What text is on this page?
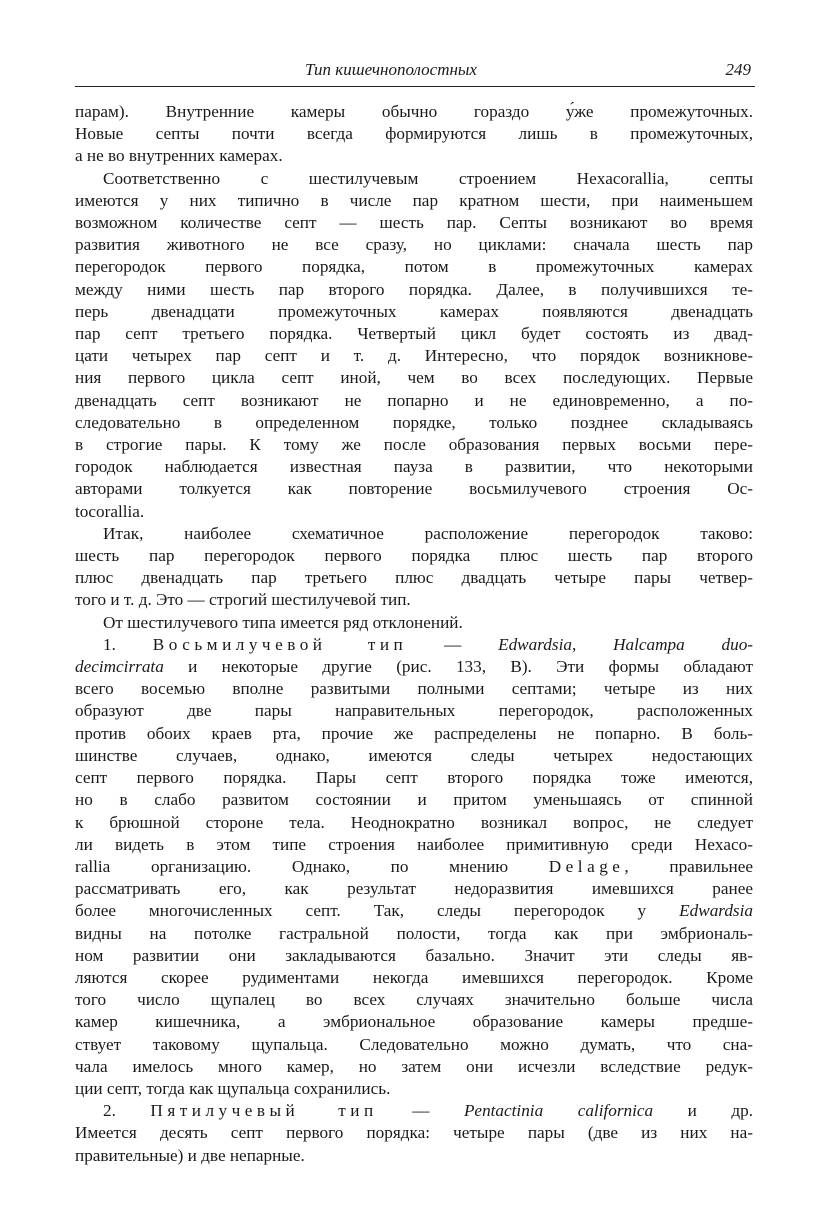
Тип кишечнополостных	249
парам). Внутренние камеры обычно гораздо у́же промежуточных.
Новые септы почти всегда формируются лишь в промежуточных,
а не во внутренних камерах.
Соответственно с шестилучевым строением Hexacorallia, септы
имеются у них типично в числе пар кратном шести, при наименьшем
возможном количестве септ — шесть пар. Септы возникают во время
развития животного не все сразу, но циклами: сначала шесть пар
перегородок первого порядка, потом в промежуточных камерах
между ними шесть пар второго порядка. Далее, в получившихся те-
перь двенадцати промежуточных камерах появляются двенадцать
пар септ третьего порядка. Четвертый цикл будет состоять из двад-
цати четырех пар септ и т. д. Интересно, что порядок возникнове-
ния первого цикла септ иной, чем во всех последующих. Первые
двенадцать септ возникают не попарно и не единовременно, а по-
следовательно в определенном порядке, только позднее складываясь
в строгие пары. К тому же после образования первых восьми пере-
городок наблюдается известная пауза в развитии, что некоторыми
авторами толкуется как повторение восьмилучевого строения Oc-
tocorallia.
Итак, наиболее схематичное расположение перегородок таково:
шесть пар перегородок первого порядка плюс шесть пар второго
плюс двенадцать пар третьего плюс двадцать четыре пары четвер-
того и т. д. Это — строгий шестилучевой тип.
От шестилучевого типа имеется ряд отклонений.
1. Восьмилучевой тип — Edwardsia, Halcampa duo-
decimcirrata и некоторые другие (рис. 133, B). Эти формы обладают
всего восемью вполне развитыми полными септами; четыре из них
образуют две пары направительных перегородок, расположенных
против обоих краев рта, прочие же распределены не попарно. В боль-
шинстве случаев, однако, имеются следы четырех недостающих
септ первого порядка. Пары септ второго порядка тоже имеются,
но в слабо развитом состоянии и притом уменьшаясь от спинной
к брюшной стороне тела. Неоднократно возникал вопрос, не следует
ли видеть в этом типе строения наиболее примитивную среди Hexaco-
rallia организацию. Однако, по мнению Delage, правильнее
рассматривать его, как результат недоразвития имевшихся ранее
более многочисленных септ. Так, следы перегородок у Edwardsia
видны на потолке гастральной полости, тогда как при эмбриональ-
ном развитии они закладываются базально. Значит эти следы яв-
ляются скорее рудиментами некогда имевшихся перегородок. Кроме
того число щупалец во всех случаях значительно больше числа
камер кишечника, а эмбриональное образование камеры предше-
ствует таковому щупальца. Следовательно можно думать, что сна-
чала имелось много камер, но затем они исчезли вследствие редук-
ции септ, тогда как щупальца сохранились.
2. Пятилучевый тип — Pentactinia californica и др.
Имеется десять септ первого порядка: четыре пары (две из них на-
правительные) и две непарные.
